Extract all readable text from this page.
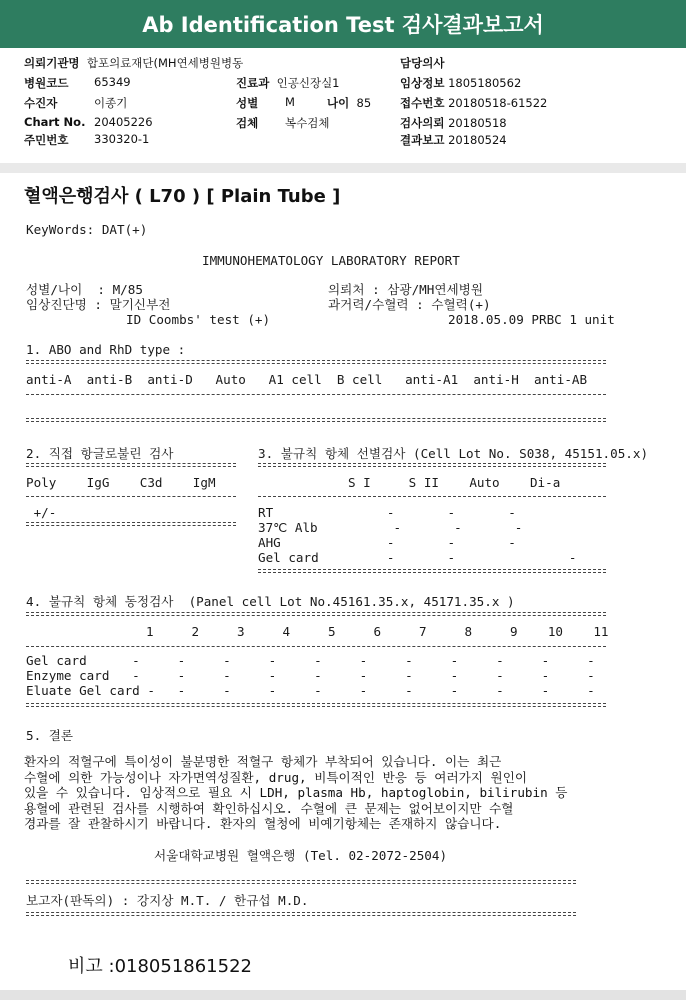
Ab Identification Test 검사결과보고서
의뢰기관명 합포의료재단(MH연세병원병동
병원코드 65349
수진자	이종기
Chart No. 20405226
주민번호 330320-1
진료과 인공신장실1
성별 M	나이 85
검체 복수검체
담당의사
임상정보 1805180562
접수번호 20180518-61522
검사의뢰 20180518
결과보고 20180524
혈액은행검사 ( L70 ) [ Plain Tube ]
KeyWords: DAT(+)
IMMUNOHEMATOLOGY LABORATORY REPORT
성별/나이  : M/85	의뢰처 : 삼광/MH연세병원
임상진단명 : 말기신부전	과거력/수혈력 : 수혈력(+)
ID Coombs' test (+)	2018.05.09 PRBC 1 unit
1. ABO and RhD type :
anti-A  anti-B  anti-D   Auto   A1 cell  B cell   anti-A1  anti-H  anti-AB
2. 직접 항글로불린 검사
Poly    IgG    C3d    IgM
+/-
3. 불규칙 항체 선별검사 (Cell Lot No. S038, 45151.05.x)
S I     S II    Auto    Di-a
RT               -       -       -
37℃ Alb          -       -       -
AHG              -       -       -
Gel card         -       -               -
4. 불규칙 항체 동정검사  (Panel cell Lot No.45161.35.x, 45171.35.x )
1     2     3     4     5     6     7     8     9    10    11
Gel card      -     -     -     -     -     -     -     -     -     -     -
Enzyme card   -     -     -     -     -     -     -     -     -     -     -
Eluate Gel card -   -     -     -     -     -     -     -     -     -     -
5. 결론
환자의 적혈구에 특이성이 불분명한 적혈구 항체가 부착되어 있습니다. 이는 최근
수혈에 의한 가능성이나 자가면역성질환, drug, 비특이적인 반응 등 여러가지 원인이
있을 수 있습니다. 임상적으로 필요 시 LDH, plasma Hb, haptoglobin, bilirubin 등
용혈에 관련된 검사를 시행하여 확인하십시오. 수혈에 큰 문제는 없어보이지만 수혈
경과를 잘 관찰하시기 바랍니다. 환자의 혈청에 비예기항체는 존재하지 않습니다.
서울대학교병원 혈액은행 (Tel. 02-2072-2504)
보고자(판독의) : 강지상 M.T. / 한규섭 M.D.
비고 :018051861522
